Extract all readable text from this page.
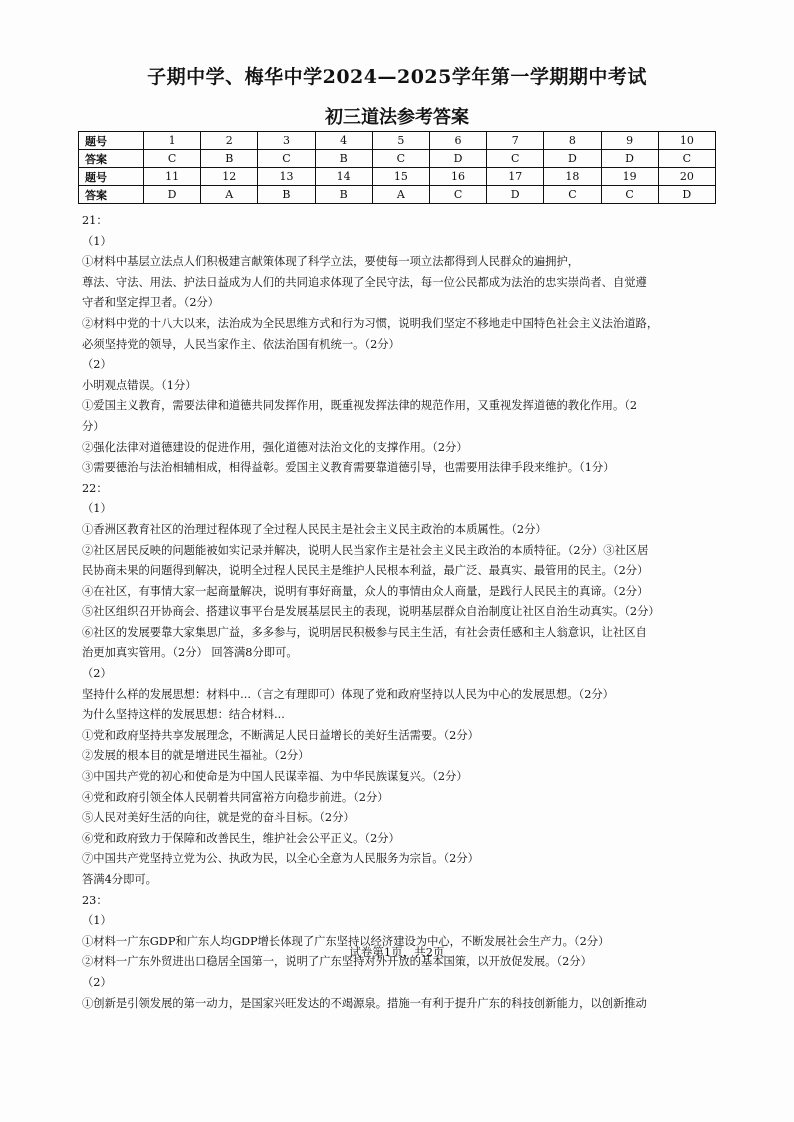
子期中学、梅华中学2024—2025学年第一学期期中考试
初三道法参考答案
题号	1	2	3	4	5	6	7	8	9	10
答案	C	B	C	B	C	D	C	D	D	C
题号	11	12	13	14	15	16	17	18	19	20
答案	D	A	B	B	A	C	D	C	C	D
21：
（1）
①材料中基层立法点人们积极建言献策体现了科学立法，要使每一项立法都得到人民群众的遍拥护，
尊法、守法、用法、护法日益成为人们的共同追求体现了全民守法，每一位公民都成为法治的忠实崇尚者、自觉遵
守者和坚定捍卫者。（2分）
②材料中党的十八大以来，法治成为全民思维方式和行为习惯，说明我们坚定不移地走中国特色社会主义法治道路，
必须坚持党的领导，人民当家作主、依法治国有机统一。（2分）
（2）
小明观点错误。（1分）
①爱国主义教育，需要法律和道德共同发挥作用，既重视发挥法律的规范作用，又重视发挥道德的教化作用。（2
分）
②强化法律对道德建设的促进作用，强化道德对法治文化的支撑作用。（2分）
③需要德治与法治相辅相成，相得益彰。爱国主义教育需要靠道德引导，也需要用法律手段来维护。（1分）
22：
（1）
①香洲区教育社区的治理过程体现了全过程人民民主是社会主义民主政治的本质属性。（2分）
②社区居民反映的问题能被如实记录并解决，说明人民当家作主是社会主义民主政治的本质特征。（2分）③社区居
民协商未果的问题得到解决，说明全过程人民民主是维护人民根本利益，最广泛、最真实、最管用的民主。（2分）
④在社区，有事情大家一起商量解决，说明有事好商量，众人的事情由众人商量，是践行人民民主的真谛。（2分）
⑤社区组织召开协商会、搭建议事平台是发展基层民主的表现，说明基层群众自治制度让社区自治生动真实。（2分）
⑥社区的发展要靠大家集思广益，多多参与，说明居民积极参与民主生活，有社会责任感和主人翁意识，让社区自
治更加真实管用。（2分） 回答满8分即可。
（2）
坚持什么样的发展思想：材料中...（言之有理即可）体现了党和政府坚持以人民为中心的发展思想。（2分）
为什么坚持这样的发展思想：结合材料...
①党和政府坚持共享发展理念，不断满足人民日益增长的美好生活需要。（2分）
②发展的根本目的就是增进民生福祉。（2分）
③中国共产党的初心和使命是为中国人民谋幸福、为中华民族谋复兴。（2分）
④党和政府引领全体人民朝着共同富裕方向稳步前进。（2分）
⑤人民对美好生活的向往，就是党的奋斗目标。（2分）
⑥党和政府致力于保障和改善民生，维护社会公平正义。（2分）
⑦中国共产党坚持立党为公、执政为民，以全心全意为人民服务为宗旨。（2分）
答满4分即可。
23：
（1）
①材料一广东GDP和广东人均GDP增长体现了广东坚持以经济建设为中心，不断发展社会生产力。（2分）
②材料一广东外贸进出口稳居全国第一，说明了广东坚持对外开放的基本国策，以开放促发展。（2分）
（2）
①创新是引领发展的第一动力，是国家兴旺发达的不竭源泉。措施一有利于提升广东的科技创新能力，以创新推动
试卷第1页，共2页
